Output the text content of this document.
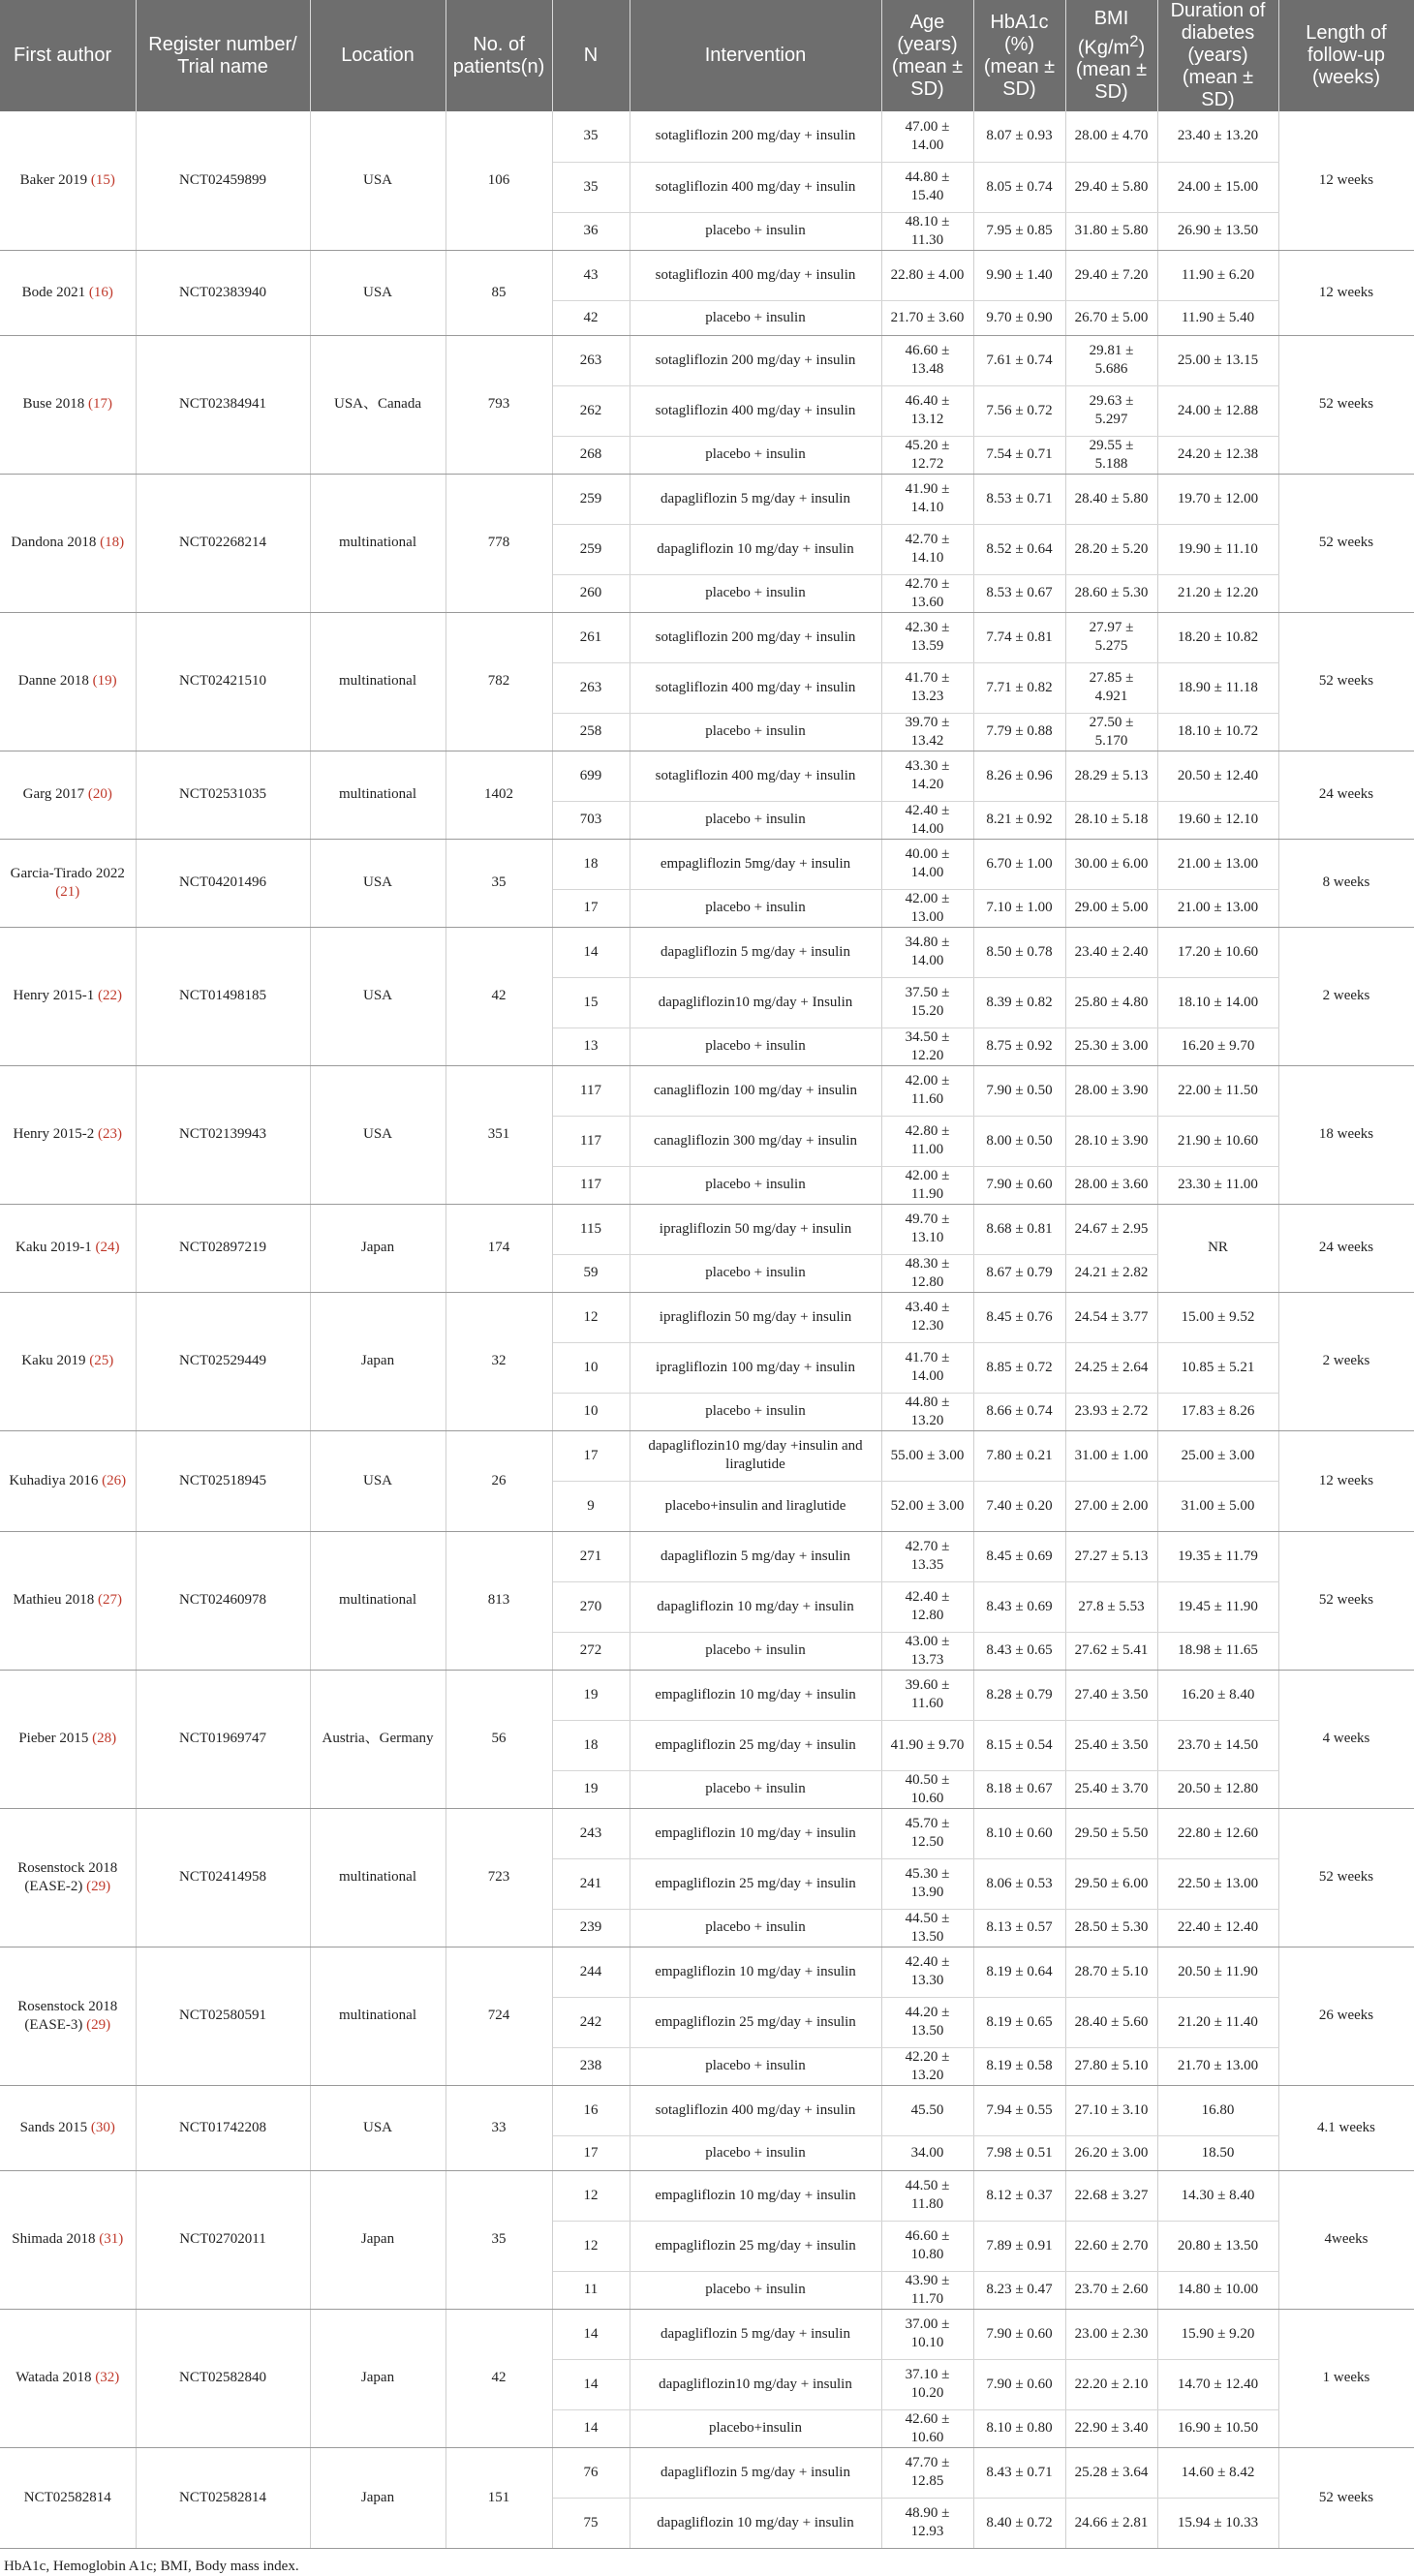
First author	Register number/ Trial name	Location	No. of patients(n)	N	Intervention	Age (years) (mean ± SD)	HbA1c (%) (mean ± SD)	BMI $(Kg/m^2)$ (mean ± SD)	Duration of diabetes (years) (mean ± SD)	Length of follow-up (weeks)
Baker 2019 (15)	NCT02459899	USA	106	35	sotagliflozin 200 mg/day + insulin	47.00 ± 14.00	8.07 ± 0.93	28.00 ± 4.70	23.40 ± 13.20	12 weeks
				35	sotagliflozin 400 mg/day + insulin	44.80 ± 15.40	8.05 ± 0.74	29.40 ± 5.80	24.00 ± 15.00	
				36	placebo + insulin	48.10 ± 11.30	7.95 ± 0.85	31.80 ± 5.80	26.90 ± 13.50	
Bode 2021 (16)	NCT02383940	USA	85	43	sotagliflozin 400 mg/day + insulin	22.80 ± 4.00	9.90 ± 1.40	29.40 ± 7.20	11.90 ± 6.20	12 weeks
				42	placebo + insulin	21.70 ± 3.60	9.70 ± 0.90	26.70 ± 5.00	11.90 ± 5.40	
Buse 2018 (17)	NCT02384941	USA、Canada	793	263	sotagliflozin 200 mg/day + insulin	46.60 ± 13.48	7.61 ± 0.74	29.81 ± 5.686	25.00 ± 13.15	52 weeks
				262	sotagliflozin 400 mg/day + insulin	46.40 ± 13.12	7.56 ± 0.72	29.63 ± 5.297	24.00 ± 12.88	
				268	placebo + insulin	45.20 ± 12.72	7.54 ± 0.71	29.55 ± 5.188	24.20 ± 12.38	
Dandona 2018 (18)	NCT02268214	multinational	778	259	dapagliflozin 5 mg/day + insulin	41.90 ± 14.10	8.53 ± 0.71	28.40 ± 5.80	19.70 ± 12.00	52 weeks
				259	dapagliflozin 10 mg/day + insulin	42.70 ± 14.10	8.52 ± 0.64	28.20 ± 5.20	19.90 ± 11.10	
				260	placebo + insulin	42.70 ± 13.60	8.53 ± 0.67	28.60 ± 5.30	21.20 ± 12.20	
Danne 2018 (19)	NCT02421510	multinational	782	261	sotagliflozin 200 mg/day + insulin	42.30 ± 13.59	7.74 ± 0.81	27.97 ± 5.275	18.20 ± 10.82	52 weeks
				263	sotagliflozin 400 mg/day + insulin	41.70 ± 13.23	7.71 ± 0.82	27.85 ± 4.921	18.90 ± 11.18	
				258	placebo + insulin	39.70 ± 13.42	7.79 ± 0.88	27.50 ± 5.170	18.10 ± 10.72	
Garg 2017 (20)	NCT02531035	multinational	1402	699	sotagliflozin 400 mg/day + insulin	43.30 ± 14.20	8.26 ± 0.96	28.29 ± 5.13	20.50 ± 12.40	24 weeks
				703	placebo + insulin	42.40 ± 14.00	8.21 ± 0.92	28.10 ± 5.18	19.60 ± 12.10	
Garcia-Tirado 2022 (21)	NCT04201496	USA	35	18	empagliflozin 5mg/day + insulin	40.00 ± 14.00	6.70 ± 1.00	30.00 ± 6.00	21.00 ± 13.00	8 weeks
				17	placebo + insulin	42.00 ± 13.00	7.10 ± 1.00	29.00 ± 5.00	21.00 ± 13.00	
Henry 2015-1 (22)	NCT01498185	USA	42	14	dapagliflozin 5 mg/day + insulin	34.80 ± 14.00	8.50 ± 0.78	23.40 ± 2.40	17.20 ± 10.60	2 weeks
				15	dapagliflozin10 mg/day + Insulin	37.50 ± 15.20	8.39 ± 0.82	25.80 ± 4.80	18.10 ± 14.00	
				13	placebo + insulin	34.50 ± 12.20	8.75 ± 0.92	25.30 ± 3.00	16.20 ± 9.70	
Henry 2015-2 (23)	NCT02139943	USA	351	117	canagliflozin 100 mg/day + insulin	42.00 ± 11.60	7.90 ± 0.50	28.00 ± 3.90	22.00 ± 11.50	18 weeks
				117	canagliflozin 300 mg/day + insulin	42.80 ± 11.00	8.00 ± 0.50	28.10 ± 3.90	21.90 ± 10.60	
				117	placebo + insulin	42.00 ± 11.90	7.90 ± 0.60	28.00 ± 3.60	23.30 ± 11.00	
Kaku 2019-1 (24)	NCT02897219	Japan	174	115	ipragliflozin 50 mg/day + insulin	49.70 ± 13.10	8.68 ± 0.81	24.67 ± 2.95	NR	24 weeks
				59	placebo + insulin	48.30 ± 12.80	8.67 ± 0.79	24.21 ± 2.82		
Kaku 2019 (25)	NCT02529449	Japan	32	12	ipragliflozin 50 mg/day + insulin	43.40 ± 12.30	8.45 ± 0.76	24.54 ± 3.77	15.00 ± 9.52	2 weeks
				10	ipragliflozin 100 mg/day + insulin	41.70 ± 14.00	8.85 ± 0.72	24.25 ± 2.64	10.85 ± 5.21	
				10	placebo + insulin	44.80 ± 13.20	8.66 ± 0.74	23.93 ± 2.72	17.83 ± 8.26	
Kuhadiya 2016 (26)	NCT02518945	USA	26	17	dapagliflozin10 mg/day +insulin and liraglutide	55.00 ± 3.00	7.80 ± 0.21	31.00 ± 1.00	25.00 ± 3.00	12 weeks
				9	placebo+insulin and liraglutide	52.00 ± 3.00	7.40 ± 0.20	27.00 ± 2.00	31.00 ± 5.00	
Mathieu 2018 (27)	NCT02460978	multinational	813	271	dapagliflozin 5 mg/day + insulin	42.70 ± 13.35	8.45 ± 0.69	27.27 ± 5.13	19.35 ± 11.79	52 weeks
				270	dapagliflozin 10 mg/day + insulin	42.40 ± 12.80	8.43 ± 0.69	27.8 ± 5.53	19.45 ± 11.90	
				272	placebo + insulin	43.00 ± 13.73	8.43 ± 0.65	27.62 ± 5.41	18.98 ± 11.65	
Pieber 2015 (28)	NCT01969747	Austria、Germany	56	19	empagliflozin 10 mg/day + insulin	39.60 ± 11.60	8.28 ± 0.79	27.40 ± 3.50	16.20 ± 8.40	4 weeks
				18	empagliflozin 25 mg/day + insulin	41.90 ± 9.70	8.15 ± 0.54	25.40 ± 3.50	23.70 ± 14.50	
				19	placebo + insulin	40.50 ± 10.60	8.18 ± 0.67	25.40 ± 3.70	20.50 ± 12.80	
Rosenstock 2018 (EASE-2) (29)	NCT02414958	multinational	723	243	empagliflozin 10 mg/day + insulin	45.70 ± 12.50	8.10 ± 0.60	29.50 ± 5.50	22.80 ± 12.60	52 weeks
				241	empagliflozin 25 mg/day + insulin	45.30 ± 13.90	8.06 ± 0.53	29.50 ± 6.00	22.50 ± 13.00	
				239	placebo + insulin	44.50 ± 13.50	8.13 ± 0.57	28.50 ± 5.30	22.40 ± 12.40	
Rosenstock 2018 (EASE-3) (29)	NCT02580591	multinational	724	244	empagliflozin 10 mg/day + insulin	42.40 ± 13.30	8.19 ± 0.64	28.70 ± 5.10	20.50 ± 11.90	26 weeks
				242	empagliflozin 25 mg/day + insulin	44.20 ± 13.50	8.19 ± 0.65	28.40 ± 5.60	21.20 ± 11.40	
				238	placebo + insulin	42.20 ± 13.20	8.19 ± 0.58	27.80 ± 5.10	21.70 ± 13.00	
Sands 2015 (30)	NCT01742208	USA	33	16	sotagliflozin 400 mg/day + insulin	45.50	7.94 ± 0.55	27.10 ± 3.10	16.80	4.1 weeks
				17	placebo + insulin	34.00	7.98 ± 0.51	26.20 ± 3.00	18.50	
Shimada 2018 (31)	NCT02702011	Japan	35	12	empagliflozin 10 mg/day + insulin	44.50 ± 11.80	8.12 ± 0.37	22.68 ± 3.27	14.30 ± 8.40	4weeks
				12	empagliflozin 25 mg/day + insulin	46.60 ± 10.80	7.89 ± 0.91	22.60 ± 2.70	20.80 ± 13.50	
				11	placebo + insulin	43.90 ± 11.70	8.23 ± 0.47	23.70 ± 2.60	14.80 ± 10.00	
Watada 2018 (32)	NCT02582840	Japan	42	14	dapagliflozin 5 mg/day + insulin	37.00 ± 10.10	7.90 ± 0.60	23.00 ± 2.30	15.90 ± 9.20	1 weeks
				14	dapagliflozin10 mg/day + insulin	37.10 ± 10.20	7.90 ± 0.60	22.20 ± 2.10	14.70 ± 12.40	
				14	placebo+insulin	42.60 ± 10.60	8.10 ± 0.80	22.90 ± 3.40	16.90 ± 10.50	
NCT02582814	NCT02582814	Japan	151	76	dapagliflozin 5 mg/day + insulin	47.70 ± 12.85	8.43 ± 0.71	25.28 ± 3.64	14.60 ± 8.42	52 weeks
				75	dapagliflozin 10 mg/day + insulin	48.90 ± 12.93	8.40 ± 0.72	24.66 ± 2.81	15.94 ± 10.33	
HbA1c, Hemoglobin A1c; BMI, Body mass index.
